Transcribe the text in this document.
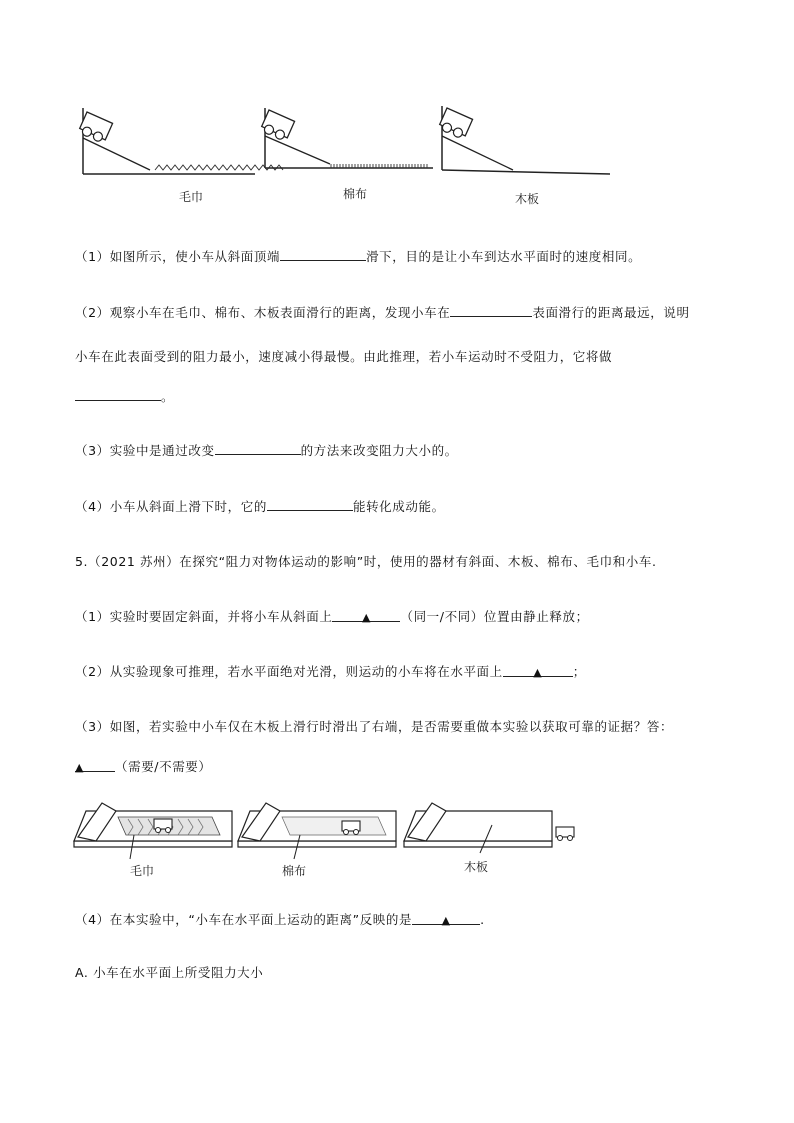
毛巾	棉布	木板
（1）如图所示，使小车从斜面顶端	滑下，目的是让小车到达水平面时的速度相同。
（2）观察小车在毛巾、棉布、木板表面滑行的距离，发现小车在	表面滑行的距离最远，说明
小车在此表面受到的阻力最小，速度减小得最慢。由此推理，若小车运动时不受阻力，它将做
。
（3）实验中是通过改变	的方法来改变阻力大小的。
（4）小车从斜面上滑下时，它的	能转化成动能。
5.（2021 苏州）在探究“阻力对物体运动的影响”时，使用的器材有斜面、木板、棉布、毛巾和小车.
（1）实验时要固定斜面，并将小车从斜面上	▲ （同一/不同）位置由静止释放；
（2）从实验现象可推理，若水平面绝对光滑，则运动的小车将在水平面上	▲ ；
（3）如图，若实验中小车仅在木板上滑行时滑出了右端，是否需要重做本实验以获取可靠的证据？答：
▲ （需要/不需要）
毛巾	棉布	木板
（4）在本实验中，“小车在水平面上运动的距离”反映的是	▲ .
A. 小车在水平面上所受阻力大小
